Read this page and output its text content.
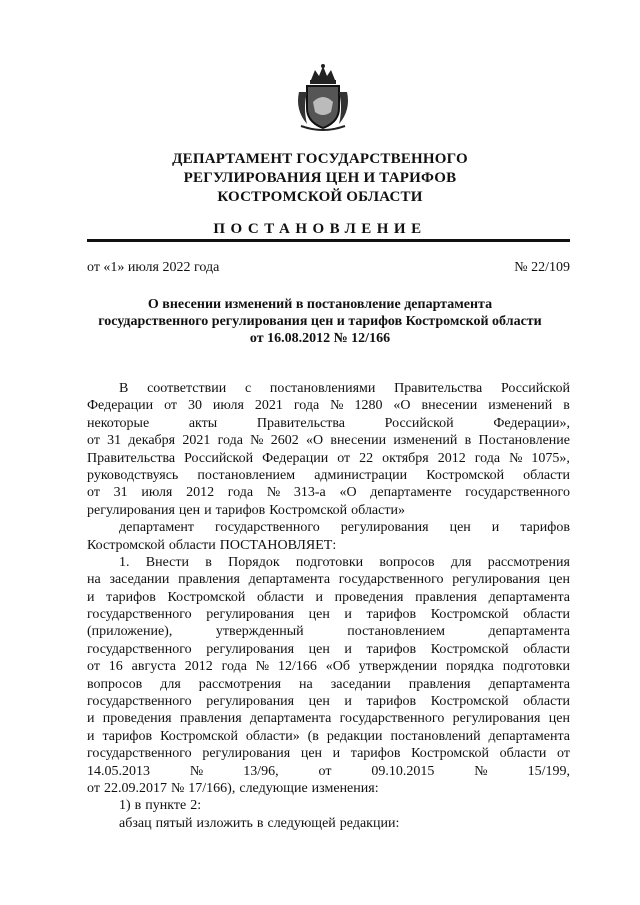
ДЕПАРТАМЕНТ ГОСУДАРСТВЕННОГО
РЕГУЛИРОВАНИЯ ЦЕН И ТАРИФОВ
КОСТРОМСКОЙ ОБЛАСТИ
ПОСТАНОВЛЕНИЕ
от «1» июля 2022 года	№ 22/109
О внесении изменений в постановление департамента
государственного регулирования цен и тарифов Костромской области
от 16.08.2012 № 12/166
В соответствии с постановлениями Правительства Российской
Федерации от 30 июля 2021 года № 1280 «О внесении изменений в
некоторые	акты	Правительства	Российской	Федерации»,
от 31 декабря 2021 года № 2602 «О внесении изменений в Постановление
Правительства Российской Федерации от 22 октября 2012 года № 1075»,
руководствуясь постановлением администрации Костромской области
от 31 июля 2012 года № 313-а «О департаменте государственного
регулирования цен и тарифов Костромской области»
департамент государственного регулирования цен и тарифов
Костромской области ПОСТАНОВЛЯЕТ:
1. Внести в Порядок подготовки вопросов для рассмотрения
на заседании правления департамента государственного регулирования цен
и тарифов Костромской области и проведения правления департамента
государственного регулирования цен и тарифов Костромской области
(приложение),	утвержденный	постановлением	департамента
государственного регулирования цен и тарифов Костромской области
от 16 августа 2012 года № 12/166 «Об утверждении порядка подготовки
вопросов для рассмотрения на заседании правления департамента
государственного регулирования цен и тарифов Костромской области
и проведения правления департамента государственного регулирования цен
и тарифов Костромской области» (в редакции постановлений департамента
государственного регулирования цен и тарифов Костромской области от
14.05.2013	№	13/96,	от	09.10.2015	№	15/199,
от 22.09.2017 № 17/166), следующие изменения:
1) в пункте 2:
абзац пятый изложить в следующей редакции:
